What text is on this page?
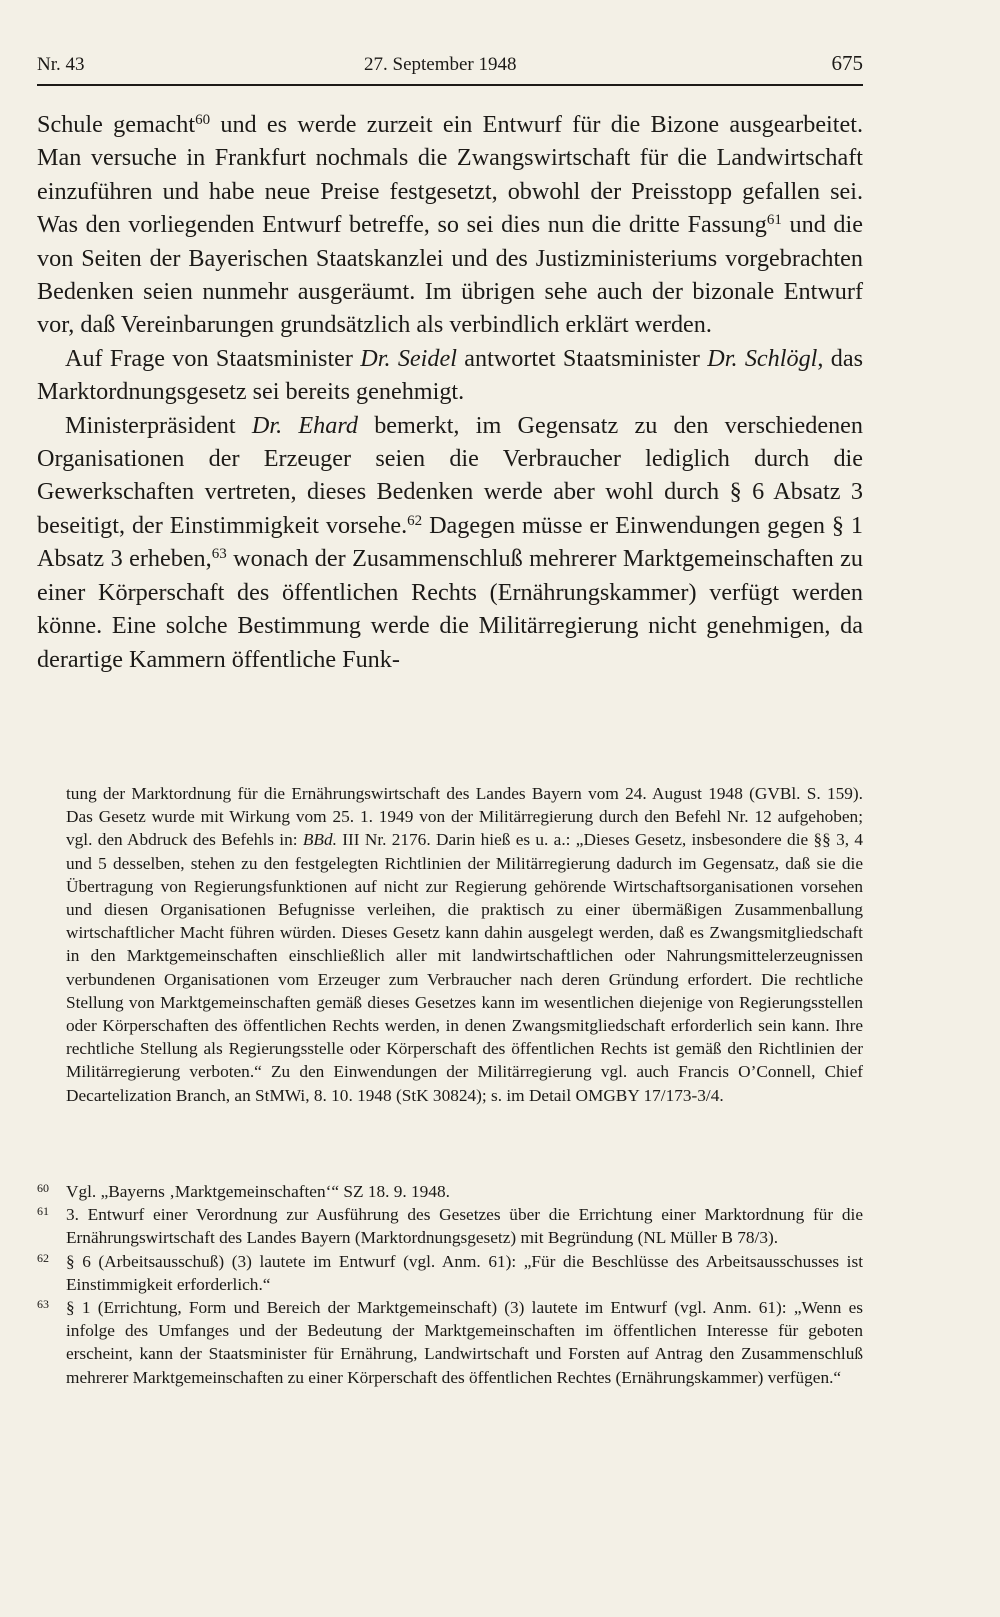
Nr. 43	27. September 1948	675

Schule gemacht$^{60}$ und es werde zurzeit ein Entwurf für die Bizone ausgearbeitet. Man versuche in Frankfurt nochmals die Zwangswirtschaft für die Landwirtschaft einzuführen und habe neue Preise festgesetzt, obwohl der Preisstopp gefallen sei. Was den vorliegenden Entwurf betreffe, so sei dies nun die dritte Fassung$^{61}$ und die von Seiten der Bayerischen Staatskanzlei und des Justizministeriums vorgebrachten Bedenken seien nunmehr ausgeräumt. Im übrigen sehe auch der bizonale Entwurf vor, daß Vereinbarungen grundsätzlich als verbindlich erklärt werden.

Auf Frage von Staatsminister Dr. Seidel antwortet Staatsminister Dr. Schlögl, das Marktordnungsgesetz sei bereits genehmigt.

Ministerpräsident Dr. Ehard bemerkt, im Gegensatz zu den verschiedenen Organisationen der Erzeuger seien die Verbraucher lediglich durch die Gewerkschaften vertreten, dieses Bedenken werde aber wohl durch § 6 Absatz 3 beseitigt, der Einstimmigkeit vorsehe.$^{62}$ Dagegen müsse er Einwendungen gegen § 1 Absatz 3 erheben,$^{63}$ wonach der Zusammenschluß mehrerer Marktgemeinschaften zu einer Körperschaft des öffentlichen Rechts (Ernährungskammer) verfügt werden könne. Eine solche Bestimmung werde die Militärregierung nicht genehmigen, da derartige Kammern öffentliche Funk-

tung der Marktordnung für die Ernährungswirtschaft des Landes Bayern vom 24. August 1948 (GVBl. S. 159). Das Gesetz wurde mit Wirkung vom 25. 1. 1949 von der Militärregierung durch den Befehl Nr. 12 aufgehoben; vgl. den Abdruck des Befehls in: BBd. III Nr. 2176. Darin hieß es u. a.: „Dieses Gesetz, insbesondere die §§ 3, 4 und 5 desselben, stehen zu den festgelegten Richtlinien der Militärregierung dadurch im Gegensatz, daß sie die Übertragung von Regierungsfunktionen auf nicht zur Regierung gehörende Wirtschaftsorganisationen vorsehen und diesen Organisationen Befugnisse verleihen, die praktisch zu einer übermäßigen Zusammenballung wirtschaftlicher Macht führen würden. Dieses Gesetz kann dahin ausgelegt werden, daß es Zwangsmitgliedschaft in den Marktgemeinschaften einschließlich aller mit landwirtschaftlichen oder Nahrungsmittelerzeugnissen verbundenen Organisationen vom Erzeuger zum Verbraucher nach deren Gründung erfordert. Die rechtliche Stellung von Marktgemeinschaften gemäß dieses Gesetzes kann im wesentlichen diejenige von Regierungsstellen oder Körperschaften des öffentlichen Rechts werden, in denen Zwangsmitgliedschaft erforderlich sein kann. Ihre rechtliche Stellung als Regierungsstelle oder Körperschaft des öffentlichen Rechts ist gemäß den Richtlinien der Militärregierung verboten.“ Zu den Einwendungen der Militärregierung vgl. auch Francis O’Connell, Chief Decartelization Branch, an StMWi, 8. 10. 1948 (StK 30824); s. im Detail OMGBY 17/173-3/4.

60 Vgl. „Bayerns ‚Marktgemeinschaften‘“ SZ 18. 9. 1948.

61 3. Entwurf einer Verordnung zur Ausführung des Gesetzes über die Errichtung einer Marktordnung für die Ernährungswirtschaft des Landes Bayern (Marktordnungsgesetz) mit Begründung (NL Müller B 78/3).

62 § 6 (Arbeitsausschuß) (3) lautete im Entwurf (vgl. Anm. 61): „Für die Beschlüsse des Arbeitsausschusses ist Einstimmigkeit erforderlich.“

63 § 1 (Errichtung, Form und Bereich der Marktgemeinschaft) (3) lautete im Entwurf (vgl. Anm. 61): „Wenn es infolge des Umfanges und der Bedeutung der Marktgemeinschaften im öffentlichen Interesse für geboten erscheint, kann der Staatsminister für Ernährung, Landwirtschaft und Forsten auf Antrag den Zusammenschluß mehrerer Marktgemeinschaften zu einer Körperschaft des öffentlichen Rechtes (Ernährungskammer) verfügen.“
